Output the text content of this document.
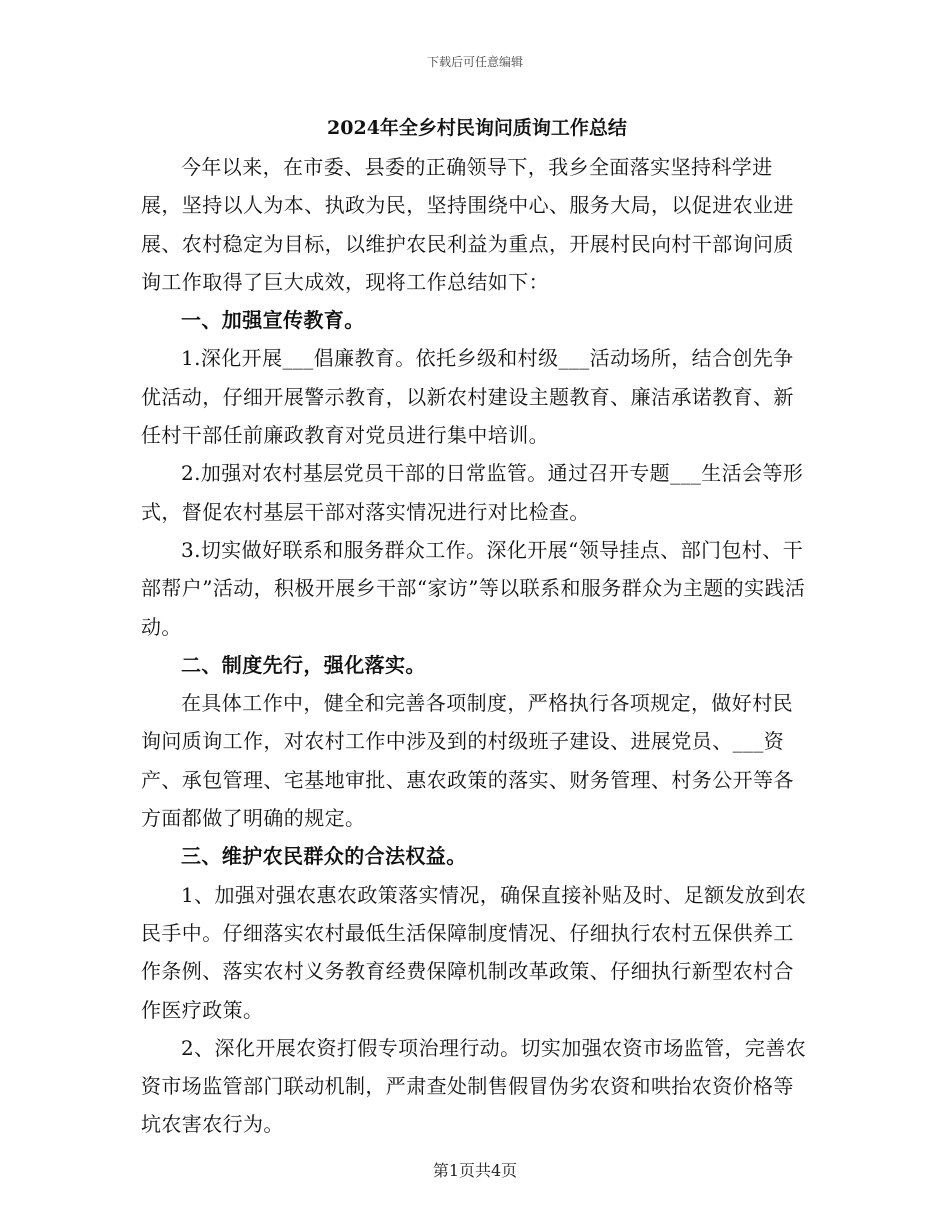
下载后可任意编辑
2024年全乡村民询问质询工作总结

今年以来，在市委、县委的正确领导下，我乡全面落实坚持科学进展，坚持以人为本、执政为民，坚持围绕中心、服务大局，以促进农业进展、农村稳定为目标，以维护农民利益为重点，开展村民向村干部询问质询工作取得了巨大成效，现将工作总结如下：

一、加强宣传教育。

1.深化开展___倡廉教育。依托乡级和村级___活动场所，结合创先争优活动，仔细开展警示教育，以新农村建设主题教育、廉洁承诺教育、新任村干部任前廉政教育对党员进行集中培训。

2.加强对农村基层党员干部的日常监管。通过召开专题___生活会等形式，督促农村基层干部对落实情况进行对比检查。

3.切实做好联系和服务群众工作。深化开展“领导挂点、部门包村、干部帮户”活动，积极开展乡干部“家访”等以联系和服务群众为主题的实践活动。

二、制度先行，强化落实。

在具体工作中，健全和完善各项制度，严格执行各项规定，做好村民询问质询工作，对农村工作中涉及到的村级班子建设、进展党员、___资产、承包管理、宅基地审批、惠农政策的落实、财务管理、村务公开等各方面都做了明确的规定。

三、维护农民群众的合法权益。

1、加强对强农惠农政策落实情况，确保直接补贴及时、足额发放到农民手中。仔细落实农村最低生活保障制度情况、仔细执行农村五保供养工作条例、落实农村义务教育经费保障机制改革政策、仔细执行新型农村合作医疗政策。

2、深化开展农资打假专项治理行动。切实加强农资市场监管，完善农资市场监管部门联动机制，严肃查处制售假冒伪劣农资和哄抬农资价格等坑农害农行为。

第1页共4页
